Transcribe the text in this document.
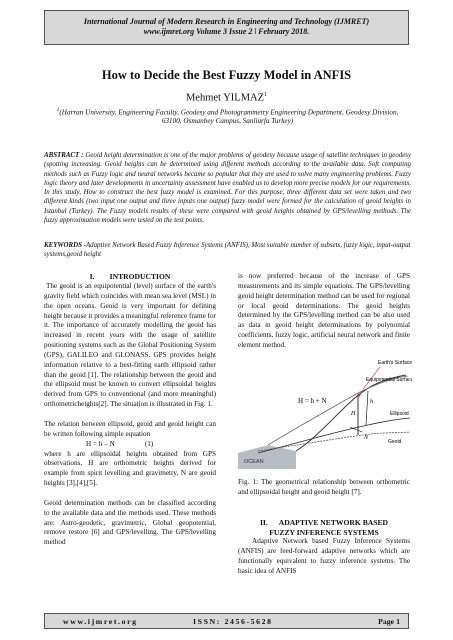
International Journal of Modern Research in Engineering and Technology (IJMRET)
www.ijmret.org Volume 3 Issue 2 ǀ February 2018.
How to Decide the Best Fuzzy Model in ANFIS
Mehmet YILMAZ$^1$
$^1$(Harran University, Engineering Faculty, Geodesy and Photogrammetry Engineering Department, Geodesy Division, 63100, Osmanbey Campus, Sanliurfa Turkey)
ABSTRACT : Geoid height determination is one of the major problems of geodesy because usage of satellite techniques in geodesy (spotting increasing. Geoid heights can be determined using different methods according to the available data. Soft computing methods such as Fuzzy logic and neural networks became so popular that they are used to solve many engineering problems. Fuzzy logic theory and later developments in uncertainty assessment have enabled us to develop more precise models for our requirements. In this study, How to construct the best fuzzy model is examined. For this purpose, three different data set were taken and two different kinds (two input one output and three inputs one output) fuzzy model were formed for the calculation of geoid heights in Istanbul (Turkey). The Fuzzy models results of these were compared with geoid heights obtained by GPS/levelling methods. The fuzzy approximation models were tested on the test points.
KEYWORDS -Adaptive Network Based Fuzzy Inference Systems (ANFIS), Most suitable number of subsets, fuzzy logic, input-output systems,geoid height
I.        INTRODUCTION

The geoid is an equipotential (level) surface of the earth's gravity field which coincides with mean sea level (MSL) in the open oceans. Geoid is very important for defining height because it provides a meaningful reference frame for it. The importance of accurately modelling the geoid has increased in recent years with the usage of satellite positioning systems such as the Global Positioning System (GPS), GALILEO and GLONASS. GPS provides height information relative to a best-fitting earth ellipsoid rather than the geoid [1]. The relationship between the geoid and the ellipsoid must be known to convert ellipsoidal heights derived from GPS to conventional (and more meaningful) orthometricheights[2]. The situation is illustrated in Fig. 1.

The relation between ellipsoid, geoid and geoid height can be written following simple equation

H = h – N	(1)

where h are ellipsoidal heights obtained from GPS observations, H are orthometric heights derived for example from spirit levelling and gravimetry, N are geoid heights [3],[4],[5].

Geoid determination methods can be classified according to the available data and the methods used. These methods are: Astro-geodetic, gravimetric, Global geopotential, remove restore [6] and GPS/levelling. The GPS/levelling method

is now preferred because of the increase of GPS measurements and its simple equations. The GPS/levelling geoid height determination method can be used for regional or local geoid determinations. The geoid heights determined by the GPS/levelling method can be also used as data in geoid height determinations by polynomial coefficients, fuzzy logic, artificial neural network and finite element method.

OCEAN
Earth's Surface
Equipotential Surface
Ellipsoid
Geoid
H = h + N	h
H
N
Fig. 1: The geometrical relationship between orthometric and ellipsoidal height and geoid height [7].
II.      ADAPTIVE NETWORK BASED
FUZZY INFERENCE SYSTEMS
Adaptive Network based Fuzzy Inference Systems (ANFIS) are feed-forward adaptive networks which are functionally equivalent to fuzzy inference systems. The basic idea of ANFIS
www.ijmret.org	ISSN: 2456-5628	Page 1
